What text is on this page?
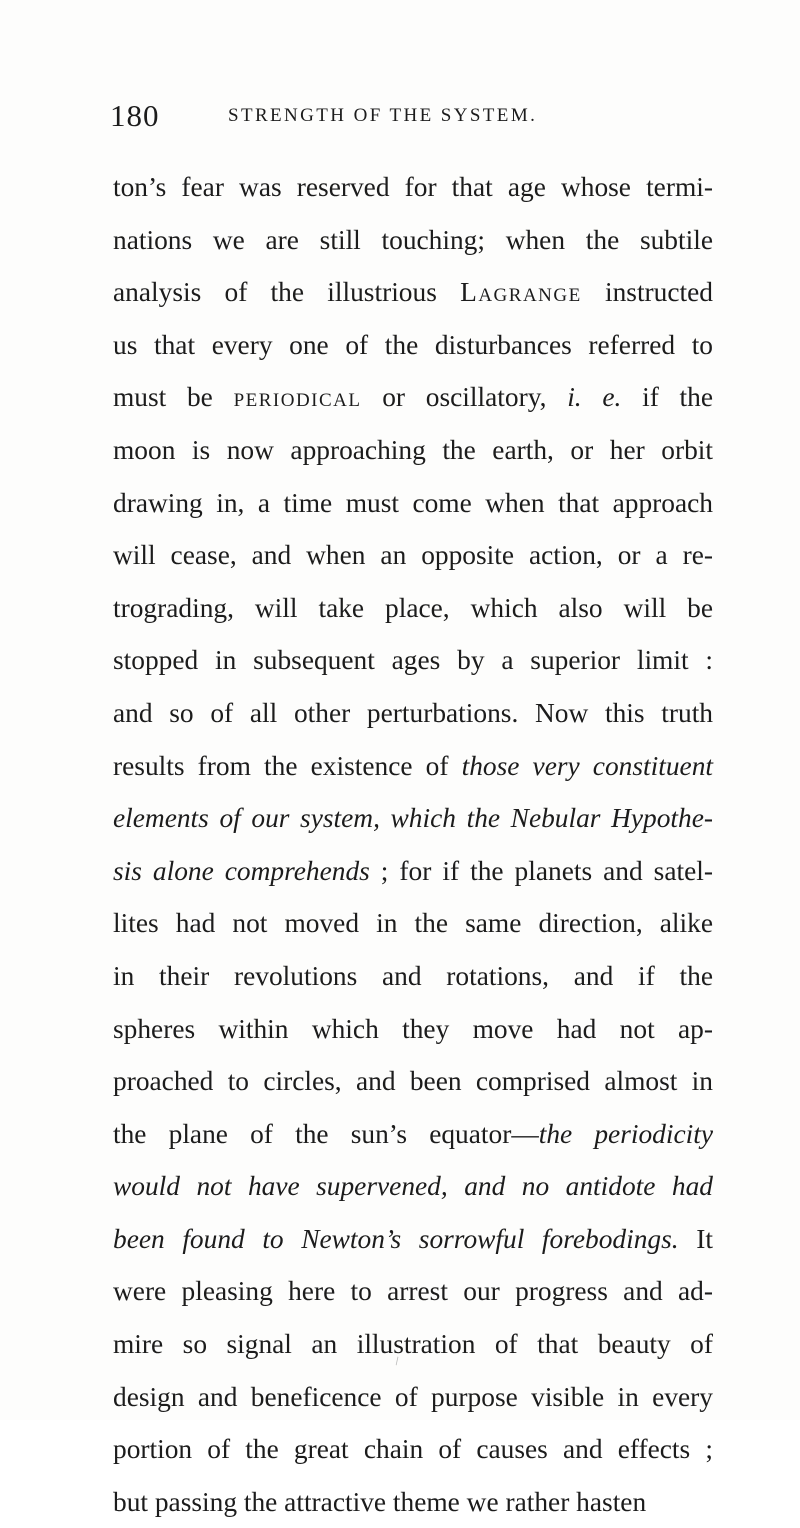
180	STRENGTH OF THE SYSTEM.
ton’s fear was reserved for that age whose termi-
nations we are still touching; when the subtile
analysis of the illustrious Lagrange instructed
us that every one of the disturbances referred to
must be periodical or oscillatory, i. e. if the
moon is now approaching the earth, or her orbit
drawing in, a time must come when that approach
will cease, and when an opposite action, or a re-
trograding, will take place, which also will be
stopped in subsequent ages by a superior limit :
and so of all other perturbations. Now this truth
results from the existence of those very constituent
elements of our system, which the Nebular Hypothe-
sis alone comprehends ; for if the planets and satel-
lites had not moved in the same direction, alike
in their revolutions and rotations, and if the
spheres within which they move had not ap-
proached to circles, and been comprised almost in
the plane of the sun’s equator—the periodicity
would not have supervened, and no antidote had
been found to Newton’s sorrowful forebodings. It
were pleasing here to arrest our progress and ad-
mire so signal an illustration of that beauty of
design and beneficence of purpose visible in every
portion of the great chain of causes and effects ;
but passing the attractive theme we rather hasten
\
